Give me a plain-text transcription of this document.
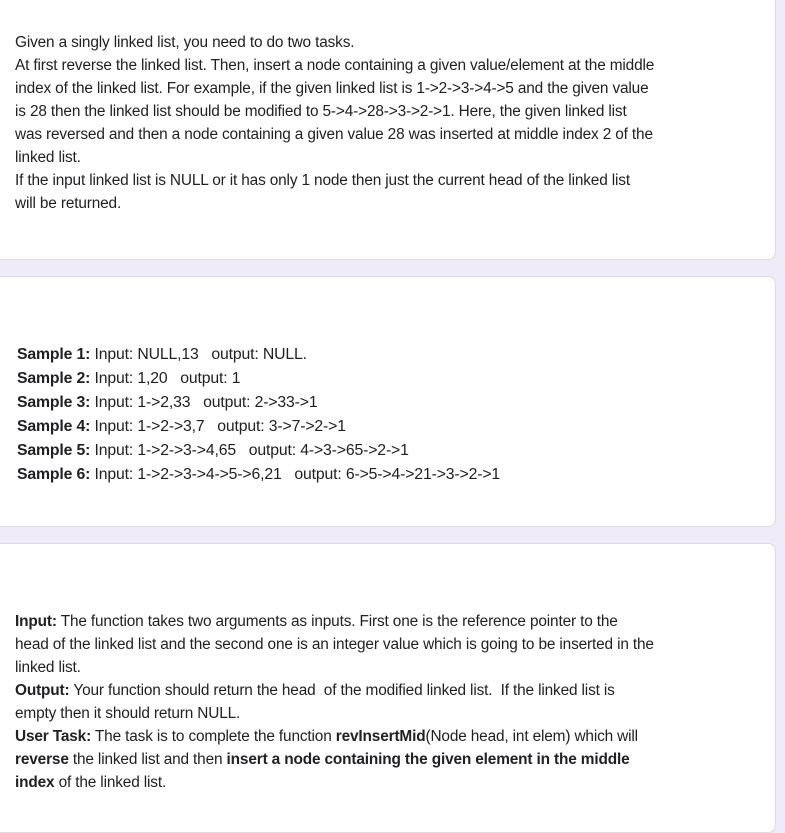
Given a singly linked list, you need to do two tasks.
At first reverse the linked list. Then, insert a node containing a given value/element at the middle
index of the linked list. For example, if the given linked list is 1->2->3->4->5 and the given value
is 28 then the linked list should be modified to 5->4->28->3->2->1. Here, the given linked list
was reversed and then a node containing a given value 28 was inserted at middle index 2 of the
linked list.
If the input linked list is NULL or it has only 1 node then just the current head of the linked list
will be returned.

Sample 1: Input: NULL,13   output: NULL.
Sample 2: Input: 1,20   output: 1
Sample 3: Input: 1->2,33   output: 2->33->1
Sample 4: Input: 1->2->3,7   output: 3->7->2->1
Sample 5: Input: 1->2->3->4,65   output: 4->3->65->2->1
Sample 6: Input: 1->2->3->4->5->6,21   output: 6->5->4->21->3->2->1

Input: The function takes two arguments as inputs. First one is the reference pointer to the
head of the linked list and the second one is an integer value which is going to be inserted in the
linked list.
Output: Your function should return the head  of the modified linked list.  If the linked list is
empty then it should return NULL.
User Task: The task is to complete the function revInsertMid(Node head, int elem) which will
reverse the linked list and then insert a node containing the given element in the middle
index of the linked list.
